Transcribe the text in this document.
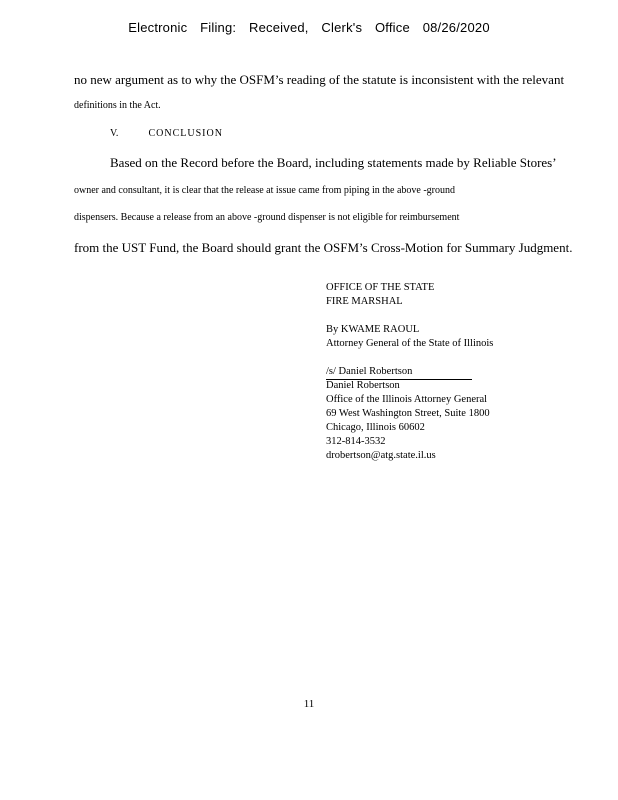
Electronic Filing: Received, Clerk's Office 08/26/2020
no new argument as to why the OSFM’s reading of the statute is inconsistent with the relevant
definitions in the Act.
V.	CONCLUSION
Based on the Record before the Board, including statements made by Reliable Stores’
owner and consultant, it is clear that the release at issue came from piping in the above -ground
dispensers. Because a release from an above -ground dispenser is not eligible for reimbursement
from the UST Fund, the Board should grant the OSFM’s Cross-Motion for Summary Judgment.
OFFICE OF THE STATE
FIRE MARSHAL
By KWAME RAOUL
Attorney General of the State of Illinois
/s/ Daniel Robertson
Daniel Robertson
Office of the Illinois Attorney General
69 West Washington Street, Suite 1800
Chicago, Illinois 60602
312-814-3532
drobertson@atg.state.il.us
11
